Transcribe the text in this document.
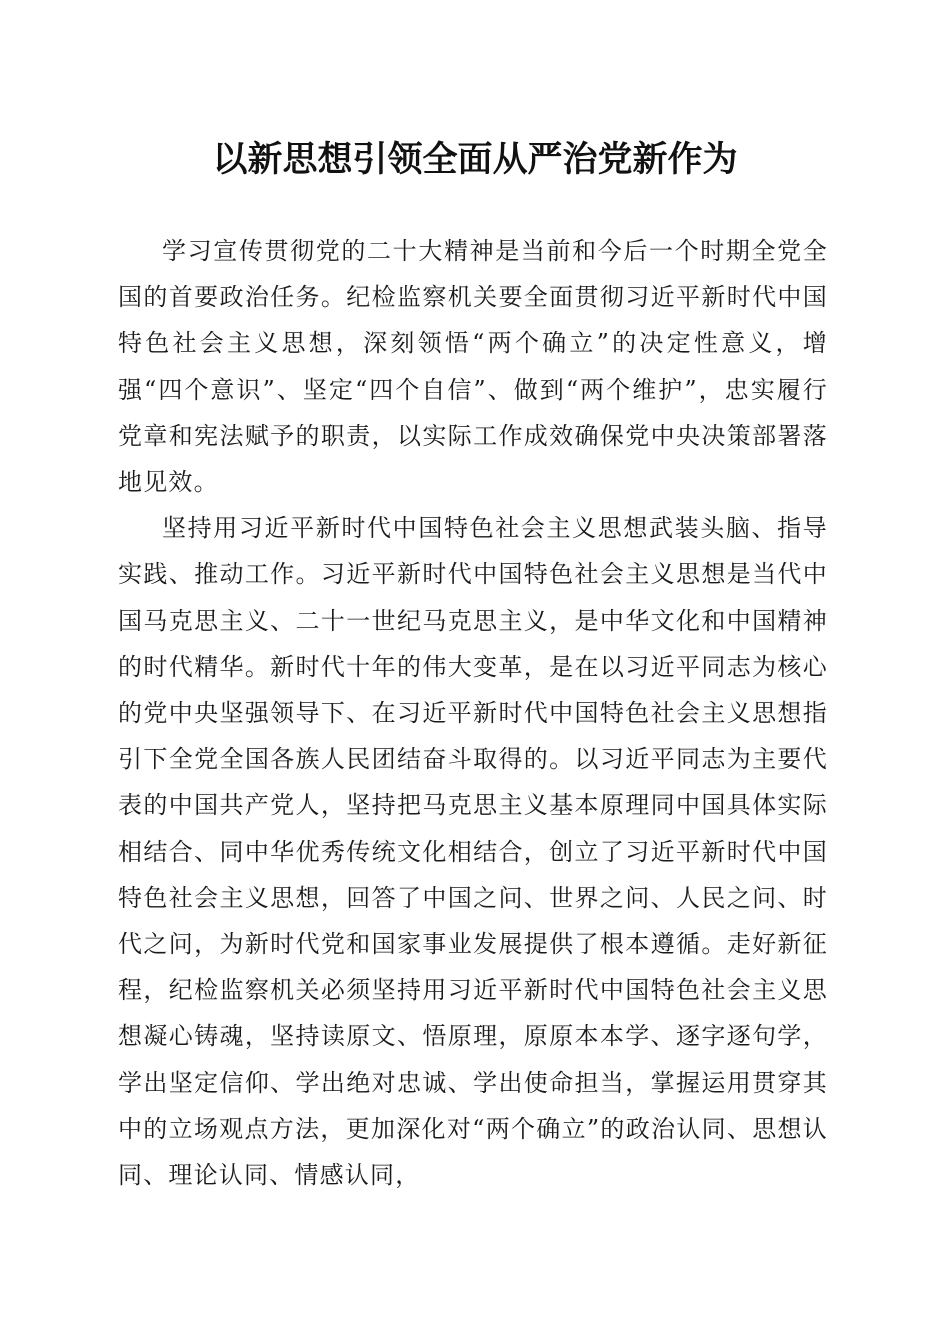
以新思想引领全面从严治党新作为

学习宣传贯彻党的二十大精神是当前和今后一个时期全党全国的首要政治任务。纪检监察机关要全面贯彻习近平新时代中国特色社会主义思想，深刻领悟“两个确立”的决定性意义，增强“四个意识”、坚定“四个自信”、做到“两个维护”，忠实履行党章和宪法赋予的职责，以实际工作成效确保党中央决策部署落地见效。

坚持用习近平新时代中国特色社会主义思想武装头脑、指导实践、推动工作。习近平新时代中国特色社会主义思想是当代中国马克思主义、二十一世纪马克思主义，是中华文化和中国精神的时代精华。新时代十年的伟大变革，是在以习近平同志为核心的党中央坚强领导下、在习近平新时代中国特色社会主义思想指引下全党全国各族人民团结奋斗取得的。以习近平同志为主要代表的中国共产党人，坚持把马克思主义基本原理同中国具体实际相结合、同中华优秀传统文化相结合，创立了习近平新时代中国特色社会主义思想，回答了中国之问、世界之问、人民之问、时代之问，为新时代党和国家事业发展提供了根本遵循。走好新征程，纪检监察机关必须坚持用习近平新时代中国特色社会主义思想凝心铸魂，坚持读原文、悟原理，原原本本学、逐字逐句学，学出坚定信仰、学出绝对忠诚、学出使命担当，掌握运用贯穿其中的立场观点方法，更加深化对“两个确立”的政治认同、思想认同、理论认同、情感认同，
